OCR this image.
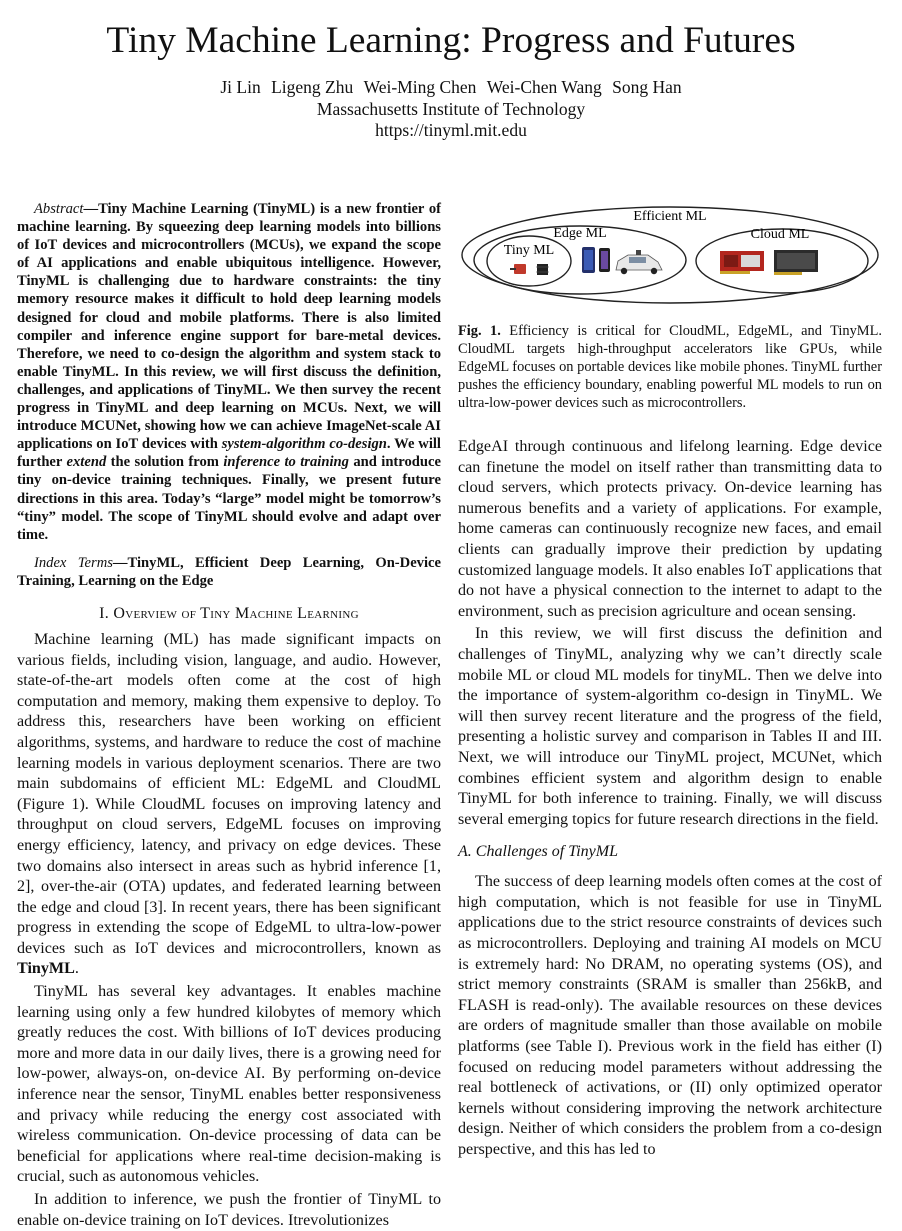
Tiny Machine Learning: Progress and Futures
Ji Lin Ligeng Zhu Wei-Ming Chen Wei-Chen Wang Song Han
Massachusetts Institute of Technology
https://tinyml.mit.edu

Abstract—Tiny Machine Learning (TinyML) is a new frontier of machine learning. By squeezing deep learning models into billions of IoT devices and microcontrollers (MCUs), we expand the scope of AI applications and enable ubiquitous intelligence. However, TinyML is challenging due to hardware constraints: the tiny memory resource makes it difficult to hold deep learning models designed for cloud and mobile platforms. There is also limited compiler and inference engine support for bare-metal devices. Therefore, we need to co-design the algorithm and system stack to enable TinyML. In this review, we will first discuss the definition, challenges, and applications of TinyML. We then survey the recent progress in TinyML and deep learning on MCUs. Next, we will introduce MCUNet, showing how we can achieve ImageNet-scale AI applications on IoT devices with system-algorithm co-design. We will further extend the solution from inference to training and introduce tiny on-device training techniques. Finally, we present future directions in this area. Today’s “large” model might be tomorrow’s “tiny” model. The scope of TinyML should evolve and adapt over time.

Index Terms—TinyML, Efficient Deep Learning, On-Device Training, Learning on the Edge

I. Overview of Tiny Machine Learning

Machine learning (ML) has made significant impacts on various fields, including vision, language, and audio. However, state-of-the-art models often come at the cost of high computation and memory, making them expensive to deploy. To address this, researchers have been working on efficient algorithms, systems, and hardware to reduce the cost of machine learning models in various deployment scenarios. There are two main subdomains of efficient ML: EdgeML and CloudML (Figure 1). While CloudML focuses on improving latency and throughput on cloud servers, EdgeML focuses on improving energy efficiency, latency, and privacy on edge devices. These two domains also intersect in areas such as hybrid inference [1, 2], over-the-air (OTA) updates, and federated learning between the edge and cloud [3]. In recent years, there has been significant progress in extending the scope of EdgeML to ultra-low-power devices such as IoT devices and microcontrollers, known as TinyML.

TinyML has several key advantages. It enables machine learning using only a few hundred kilobytes of memory which greatly reduces the cost. With billions of IoT devices producing more and more data in our daily lives, there is a growing need for low-power, always-on, on-device AI. By performing on-device inference near the sensor, TinyML enables better responsiveness and privacy while reducing the energy cost associated with wireless communication. On-device processing of data can be beneficial for applications where real-time decision-making is crucial, such as autonomous vehicles.

In addition to inference, we push the frontier of TinyML to enable on-device training on IoT devices. Itrevolutionizes

Efficient ML
Edge ML
Tiny ML
Cloud ML

Fig. 1. Efficiency is critical for CloudML, EdgeML, and TinyML. CloudML targets high-throughput accelerators like GPUs, while EdgeML focuses on portable devices like mobile phones. TinyML further pushes the efficiency boundary, enabling powerful ML models to run on ultra-low-power devices such as microcontrollers.

EdgeAI through continuous and lifelong learning. Edge device can finetune the model on itself rather than transmitting data to cloud servers, which protects privacy. On-device learning has numerous benefits and a variety of applications. For example, home cameras can continuously recognize new faces, and email clients can gradually improve their prediction by updating customized language models. It also enables IoT applications that do not have a physical connection to the internet to adapt to the environment, such as precision agriculture and ocean sensing.

In this review, we will first discuss the definition and challenges of TinyML, analyzing why we can’t directly scale mobile ML or cloud ML models for tinyML. Then we delve into the importance of system-algorithm co-design in TinyML. We will then survey recent literature and the progress of the field, presenting a holistic survey and comparison in Tables II and III. Next, we will introduce our TinyML project, MCUNet, which combines efficient system and algorithm design to enable TinyML for both inference to training. Finally, we will discuss several emerging topics for future research directions in the field.

A. Challenges of TinyML

The success of deep learning models often comes at the cost of high computation, which is not feasible for use in TinyML applications due to the strict resource constraints of devices such as microcontrollers. Deploying and training AI models on MCU is extremely hard: No DRAM, no operating systems (OS), and strict memory constraints (SRAM is smaller than 256kB, and FLASH is read-only). The available resources on these devices are orders of magnitude smaller than those available on mobile platforms (see Table I). Previous work in the field has either (I) focused on reducing model parameters without addressing the real bottleneck of activations, or (II) only optimized operator kernels without considering improving the network architecture design. Neither of which considers the problem from a co-design perspective, and this has led to
